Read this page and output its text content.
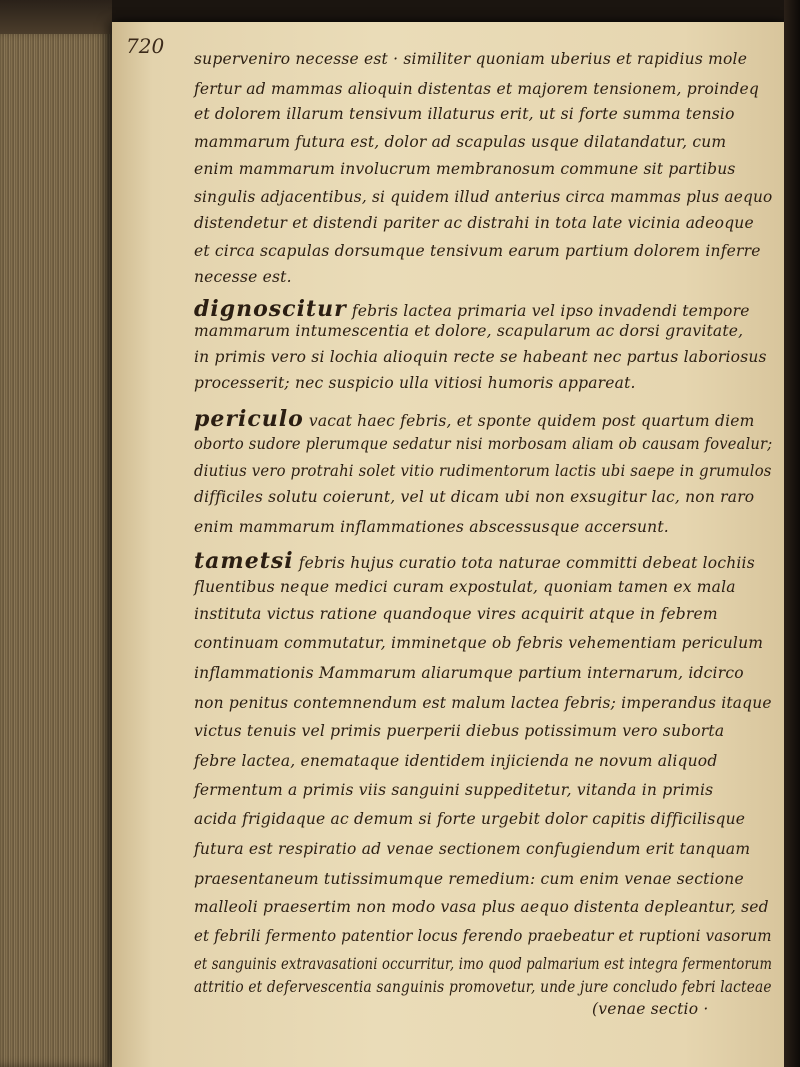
superveniro necesse est · similiter quoniam uberius et rapidius mole
fertur ad mammas alioquin distentas et majorem tensionem, proindeq
et dolorem illarum tensivum illaturus erit, ut si forte summa tensio
mammarum futura est, dolor ad scapulas usque dilatandatur, cum
enim mammarum involucrum membranosum commune sit partibus
singulis adjacentibus, si quidem illud anterius circa mammas plus aequo
distendetur et distendi pariter ac distrahi in tota late vicinia adeoque
et circa scapulas dorsumque tensivum earum partium dolorem inferre
necesse est.
dignoscitur febris lactea primaria vel ipso invadendi tempore
mammarum intumescentia et dolore, scapularum ac dorsi gravitate,
in primis vero si lochia alioquin recte se habeant nec partus laboriosus
processerit; nec suspicio ulla vitiosi humoris appareat.
periculo vacat haec febris, et sponte quidem post quartum diem
oborto sudore plerumque sedatur nisi morbosam aliam ob causam fovealur;
diutius vero protrahi solet vitio rudimentorum lactis ubi saepe in grumulos
difficiles solutu coierunt, vel ut dicam ubi non exsugitur lac, non raro
enim mammarum inflammationes abscessusque accersunt.
tametsi febris hujus curatio tota naturae committi debeat lochiis
fluentibus neque medici curam expostulat, quoniam tamen ex mala
instituta victus ratione quandoque vires acquirit atque in febrem
continuam commutatur, imminetque ob febris vehementiam periculum
inflammationis Mammarum aliarumque partium internarum, idcirco
non penitus contemnendum est malum lactea febris; imperandus itaque
victus tenuis vel primis puerperii diebus potissimum vero suborta
febre lactea, enemataque identidem injicienda ne novum aliquod
fermentum a primis viis sanguini suppeditetur, vitanda in primis
acida frigidaque ac demum si forte urgebit dolor capitis difficilisque
futura est respiratio ad venae sectionem confugiendum erit tanquam
praesentaneum tutissimumque remedium: cum enim venae sectione
malleoli praesertim non modo vasa plus aequo distenta depleantur, sed
et febrili fermento patentior locus ferendo praebeatur et ruptioni vasorum
et sanguinis extravasationi occurritur, imo quod palmarium est integra fermentorum
attritio et defervescentia sanguinis promovetur, unde jure concludo febri lacteae
(venae sectio ·
720
